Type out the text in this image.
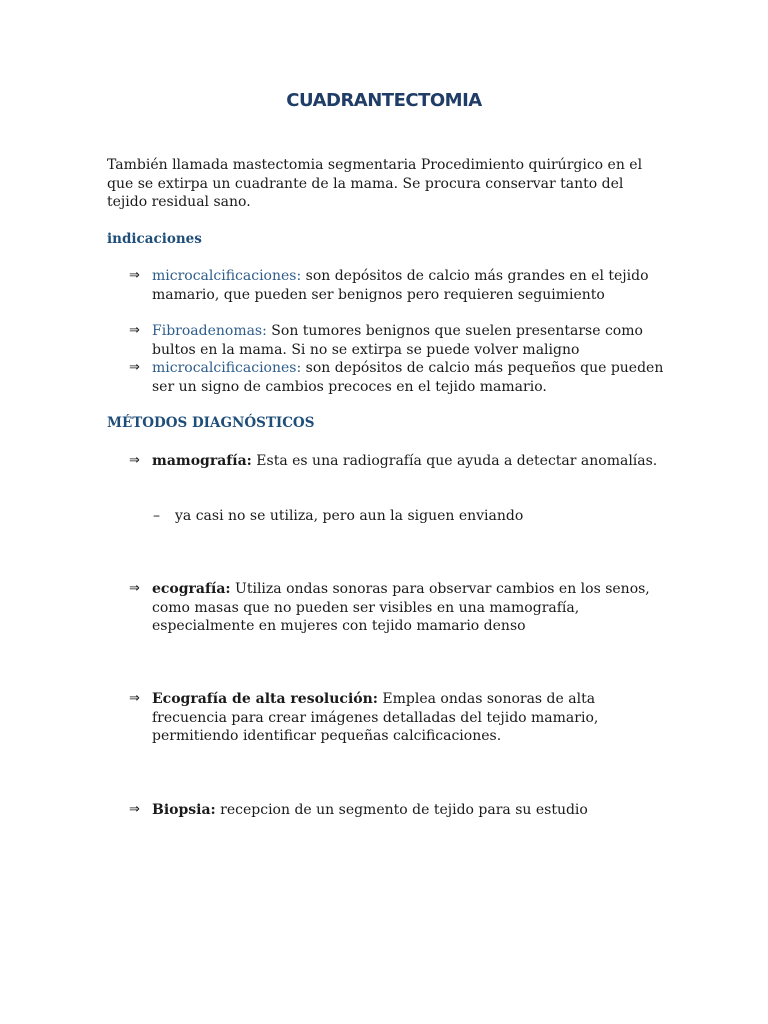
CUADRANTECTOMIA
También llamada mastectomia segmentaria Procedimiento quirúrgico en el que se extirpa un cuadrante de la mama. Se procura conservar tanto del tejido residual sano.
indicaciones
⇒ microcalcificaciones: son depósitos de calcio más grandes en el tejido mamario, que pueden ser benignos pero requieren seguimiento
⇒ Fibroadenomas: Son tumores benignos que suelen presentarse como bultos en la mama. Si no se extirpa se puede volver maligno
⇒ microcalcificaciones: son depósitos de calcio más pequeños que pueden ser un signo de cambios precoces en el tejido mamario.
MÉTODOS DIAGNÓSTICOS
⇒ mamografía: Esta es una radiografía que ayuda a detectar anomalías.
– ya casi no se utiliza, pero aun la siguen enviando
⇒ ecografía: Utiliza ondas sonoras para observar cambios en los senos, como masas que no pueden ser visibles en una mamografía, especialmente en mujeres con tejido mamario denso
⇒ Ecografía de alta resolución: Emplea ondas sonoras de alta frecuencia para crear imágenes detalladas del tejido mamario, permitiendo identificar pequeñas calcificaciones.
⇒ Biopsia: recepcion de un segmento de tejido para su estudio
